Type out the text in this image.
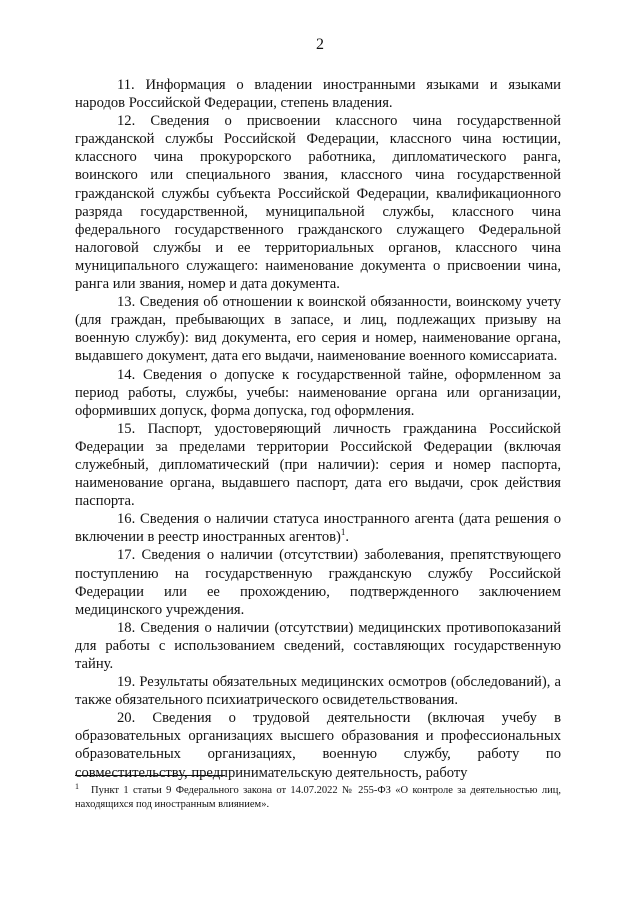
2

11. Информация о владении иностранными языками и языками народов Российской Федерации, степень владения.

12. Сведения о присвоении классного чина государственной гражданской службы Российской Федерации, классного чина юстиции, классного чина прокурорского работника, дипломатического ранга, воинского или специального звания, классного чина государственной гражданской службы субъекта Российской Федерации, квалификационного разряда государственной, муниципальной службы, классного чина федерального государственного гражданского служащего Федеральной налоговой службы и ее территориальных органов, классного чина муниципального служащего: наименование документа о присвоении чина, ранга или звания, номер и дата документа.

13. Сведения об отношении к воинской обязанности, воинскому учету (для граждан, пребывающих в запасе, и лиц, подлежащих призыву на военную службу): вид документа, его серия и номер, наименование органа, выдавшего документ, дата его выдачи, наименование военного комиссариата.

14. Сведения о допуске к государственной тайне, оформленном за период работы, службы, учебы: наименование органа или организации, оформивших допуск, форма допуска, год оформления.

15. Паспорт, удостоверяющий личность гражданина Российской Федерации за пределами территории Российской Федерации (включая служебный, дипломатический (при наличии): серия и номер паспорта, наименование органа, выдавшего паспорт, дата его выдачи, срок действия паспорта.

16. Сведения о наличии статуса иностранного агента (дата решения о включении в реестр иностранных агентов)$^1$.

17. Сведения о наличии (отсутствии) заболевания, препятствующего поступлению на государственную гражданскую службу Российской Федерации или ее прохождению, подтвержденного заключением медицинского учреждения.

18. Сведения о наличии (отсутствии) медицинских противопоказаний для работы с использованием сведений, составляющих государственную тайну.

19. Результаты обязательных медицинских осмотров (обследований), а также обязательного психиатрического освидетельствования.

20. Сведения о трудовой деятельности (включая учебу в образовательных организациях высшего образования и профессиональных образовательных организациях, военную службу, работу по совместительству, предпринимательскую деятельность, работу

$^1$ Пункт 1 статьи 9 Федерального закона от 14.07.2022 № 255-ФЗ «О контроле за деятельностью лиц, находящихся под иностранным влиянием».
